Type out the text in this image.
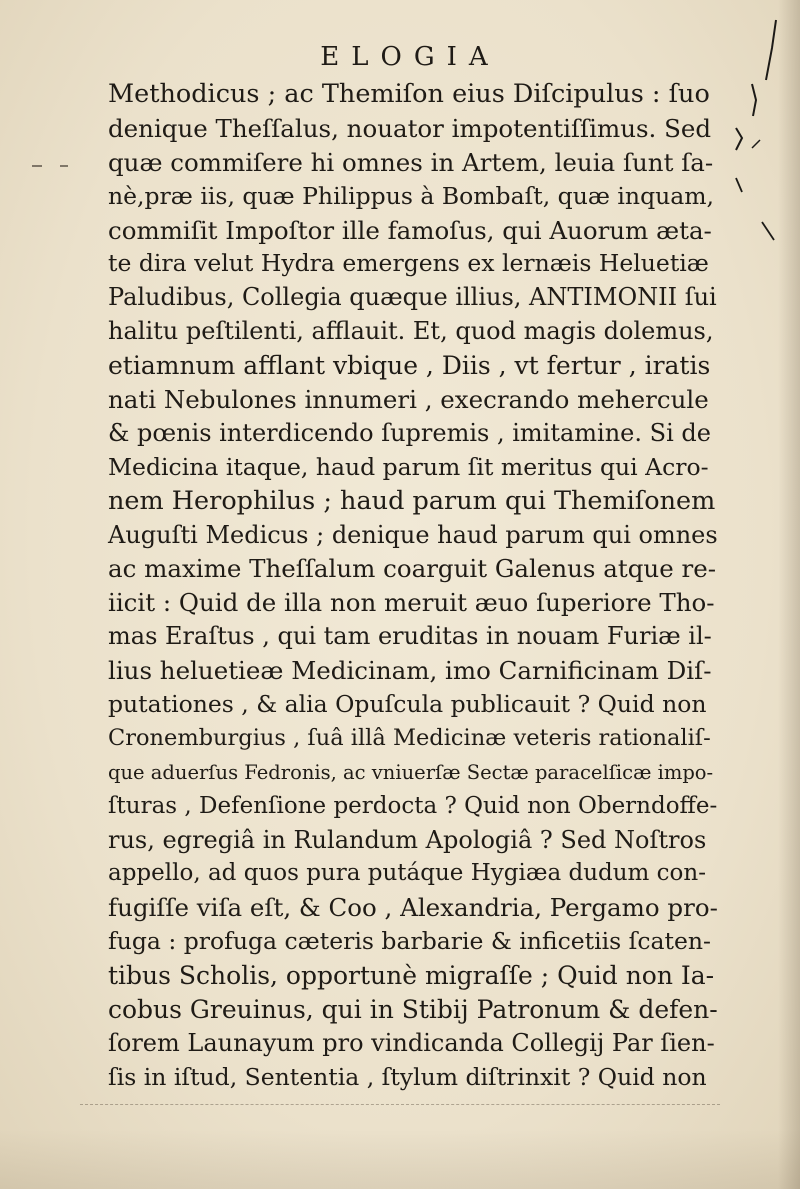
ELOGIA
Methodicus ; ac Themiſon eius Diſcipulus : ſuo
denique Theſſalus, nouator impotentiſſimus. Sed
quæ commiſere hi omnes in Artem, leuia ſunt ſa-
nè,præ iis, quæ Philippus à Bombaſt, quæ inquam,
commiſit Impoſtor ille famoſus, qui Auorum æta-
te dira velut Hydra emergens ex lernæis Heluetiæ
Paludibus, Collegia quæque illius, ANTIMONII ſui
halitu peſtilenti, afflauit. Et, quod magis dolemus,
etiamnum afflant vbique , Diis , vt fertur , iratis
nati Nebulones innumeri , execrando mehercule
& pœnis interdicendo ſupremis , imitamine. Si de
Medicina itaque, haud parum ſit meritus qui Acro-
nem Herophilus ; haud parum qui Themiſonem
Auguſti Medicus ; denique haud parum qui omnes
ac maxime Theſſalum coarguit Galenus atque re-
iicit : Quid de illa non meruit æuo ſuperiore Tho-
mas Eraſtus , qui tam eruditas in nouam Furiæ il-
lius heluetieæ Medicinam, imo Carnificinam Diſ-
putationes , & alia Opuſcula publicauit ? Quid non
Cronemburgius , ſuâ illâ Medicinæ veteris rationaliſ-
que aduerſus Fedronis, ac vniuerſæ Sectæ paracelſicæ impo-
ſturas , Defenſione perdocta ? Quid non Oberndoffe-
rus, egregiâ in Rulandum Apologiâ ? Sed Noſtros
appello, ad quos pura putáque Hygiæa dudum con-
fugiſſe viſa eſt, & Coo , Alexandria, Pergamo pro-
fuga : profuga cæteris barbarie & inficetiis ſcaten-
tibus Scholis, opportunè migraſſe ; Quid non Ia-
cobus Greuinus, qui in Stibij Patronum & defen-
ſorem Launayum pro vindicanda Collegij Par ſien-
ſis in iſtud, Sententia , ſtylum diſtrinxit ? Quid non
